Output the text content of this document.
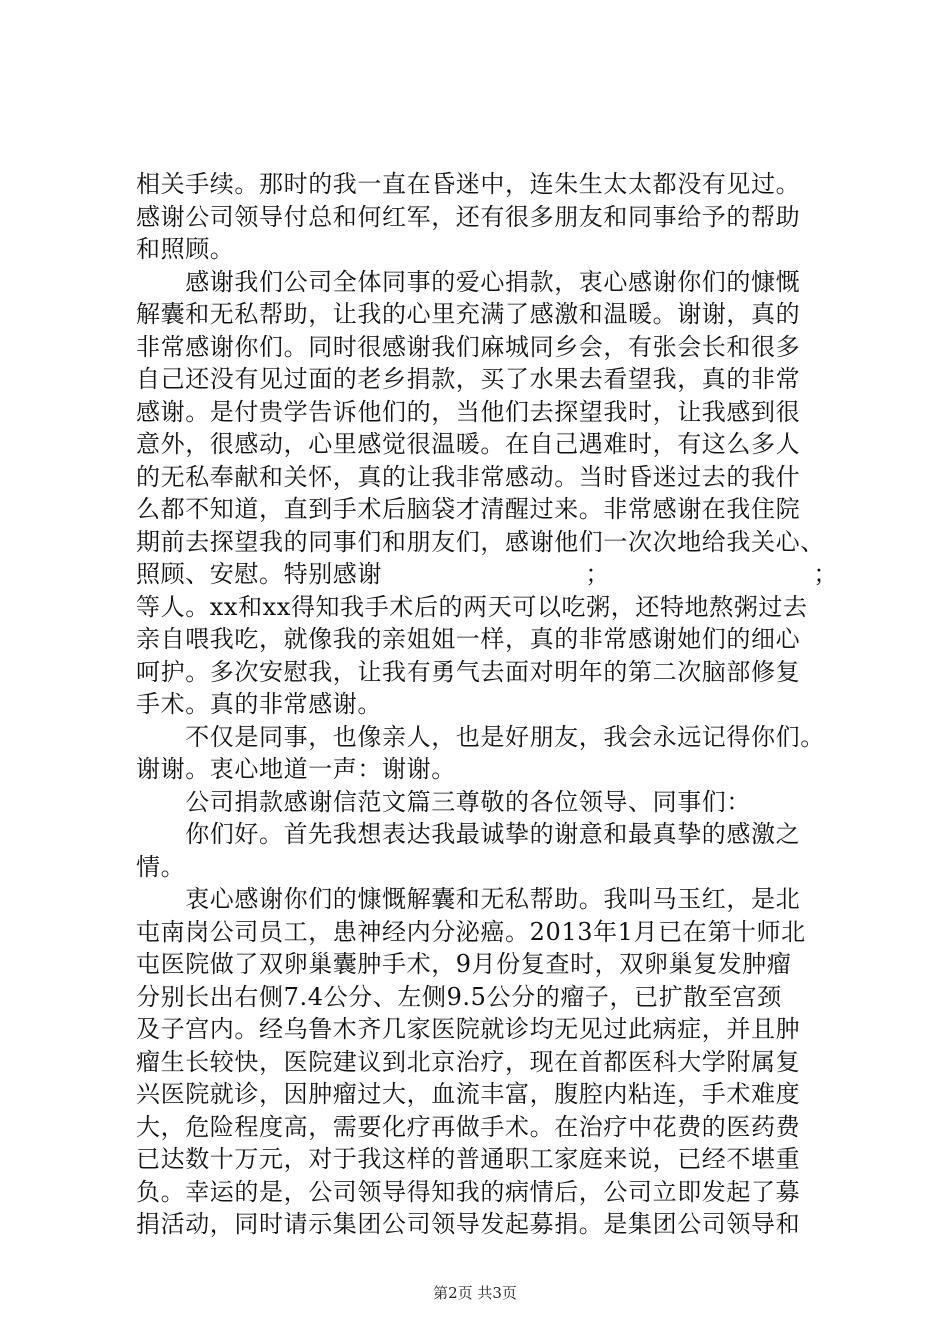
相关手续。那时的我一直在昏迷中，连朱生太太都没有见过。
感谢公司领导付总和何红军，还有很多朋友和同事给予的帮助
和照顾。
　　感谢我们公司全体同事的爱心捐款，衷心感谢你们的慷慨
解囊和无私帮助，让我的心里充满了感激和温暖。谢谢，真的
非常感谢你们。同时很感谢我们麻城同乡会，有张会长和很多
自己还没有见过面的老乡捐款，买了水果去看望我，真的非常
感谢。是付贵学告诉他们的，当他们去探望我时，让我感到很
意外，很感动，心里感觉很温暖。在自己遇难时，有这么多人
的无私奉献和关怀，真的让我非常感动。当时昏迷过去的我什
么都不知道，直到手术后脑袋才清醒过来。非常感谢在我住院
期前去探望我的同事们和朋友们，感谢他们一次次地给我关心、
照顾、安慰。特别感谢	；	；
等人。xx和xx得知我手术后的两天可以吃粥，还特地熬粥过去
亲自喂我吃，就像我的亲姐姐一样，真的非常感谢她们的细心
呵护。多次安慰我，让我有勇气去面对明年的第二次脑部修复
手术。真的非常感谢。
　　不仅是同事，也像亲人，也是好朋友，我会永远记得你们。
谢谢。衷心地道一声：谢谢。
　　公司捐款感谢信范文篇三尊敬的各位领导、同事们：
　　你们好。首先我想表达我最诚挚的谢意和最真挚的感激之
情。
　　衷心感谢你们的慷慨解囊和无私帮助。我叫马玉红，是北
屯南岗公司员工，患神经内分泌癌。2013年1月已在第十师北
屯医院做了双卵巢囊肿手术，9月份复查时，双卵巢复发肿瘤
分别长出右侧7.4公分、左侧9.5公分的瘤子，已扩散至宫颈
及子宫内。经乌鲁木齐几家医院就诊均无见过此病症，并且肿
瘤生长较快，医院建议到北京治疗，现在首都医科大学附属复
兴医院就诊，因肿瘤过大，血流丰富，腹腔内粘连，手术难度
大，危险程度高，需要化疗再做手术。在治疗中花费的医药费
已达数十万元，对于我这样的普通职工家庭来说，已经不堪重
负。幸运的是，公司领导得知我的病情后，公司立即发起了募
捐活动，同时请示集团公司领导发起募捐。是集团公司领导和
第2页 共3页
